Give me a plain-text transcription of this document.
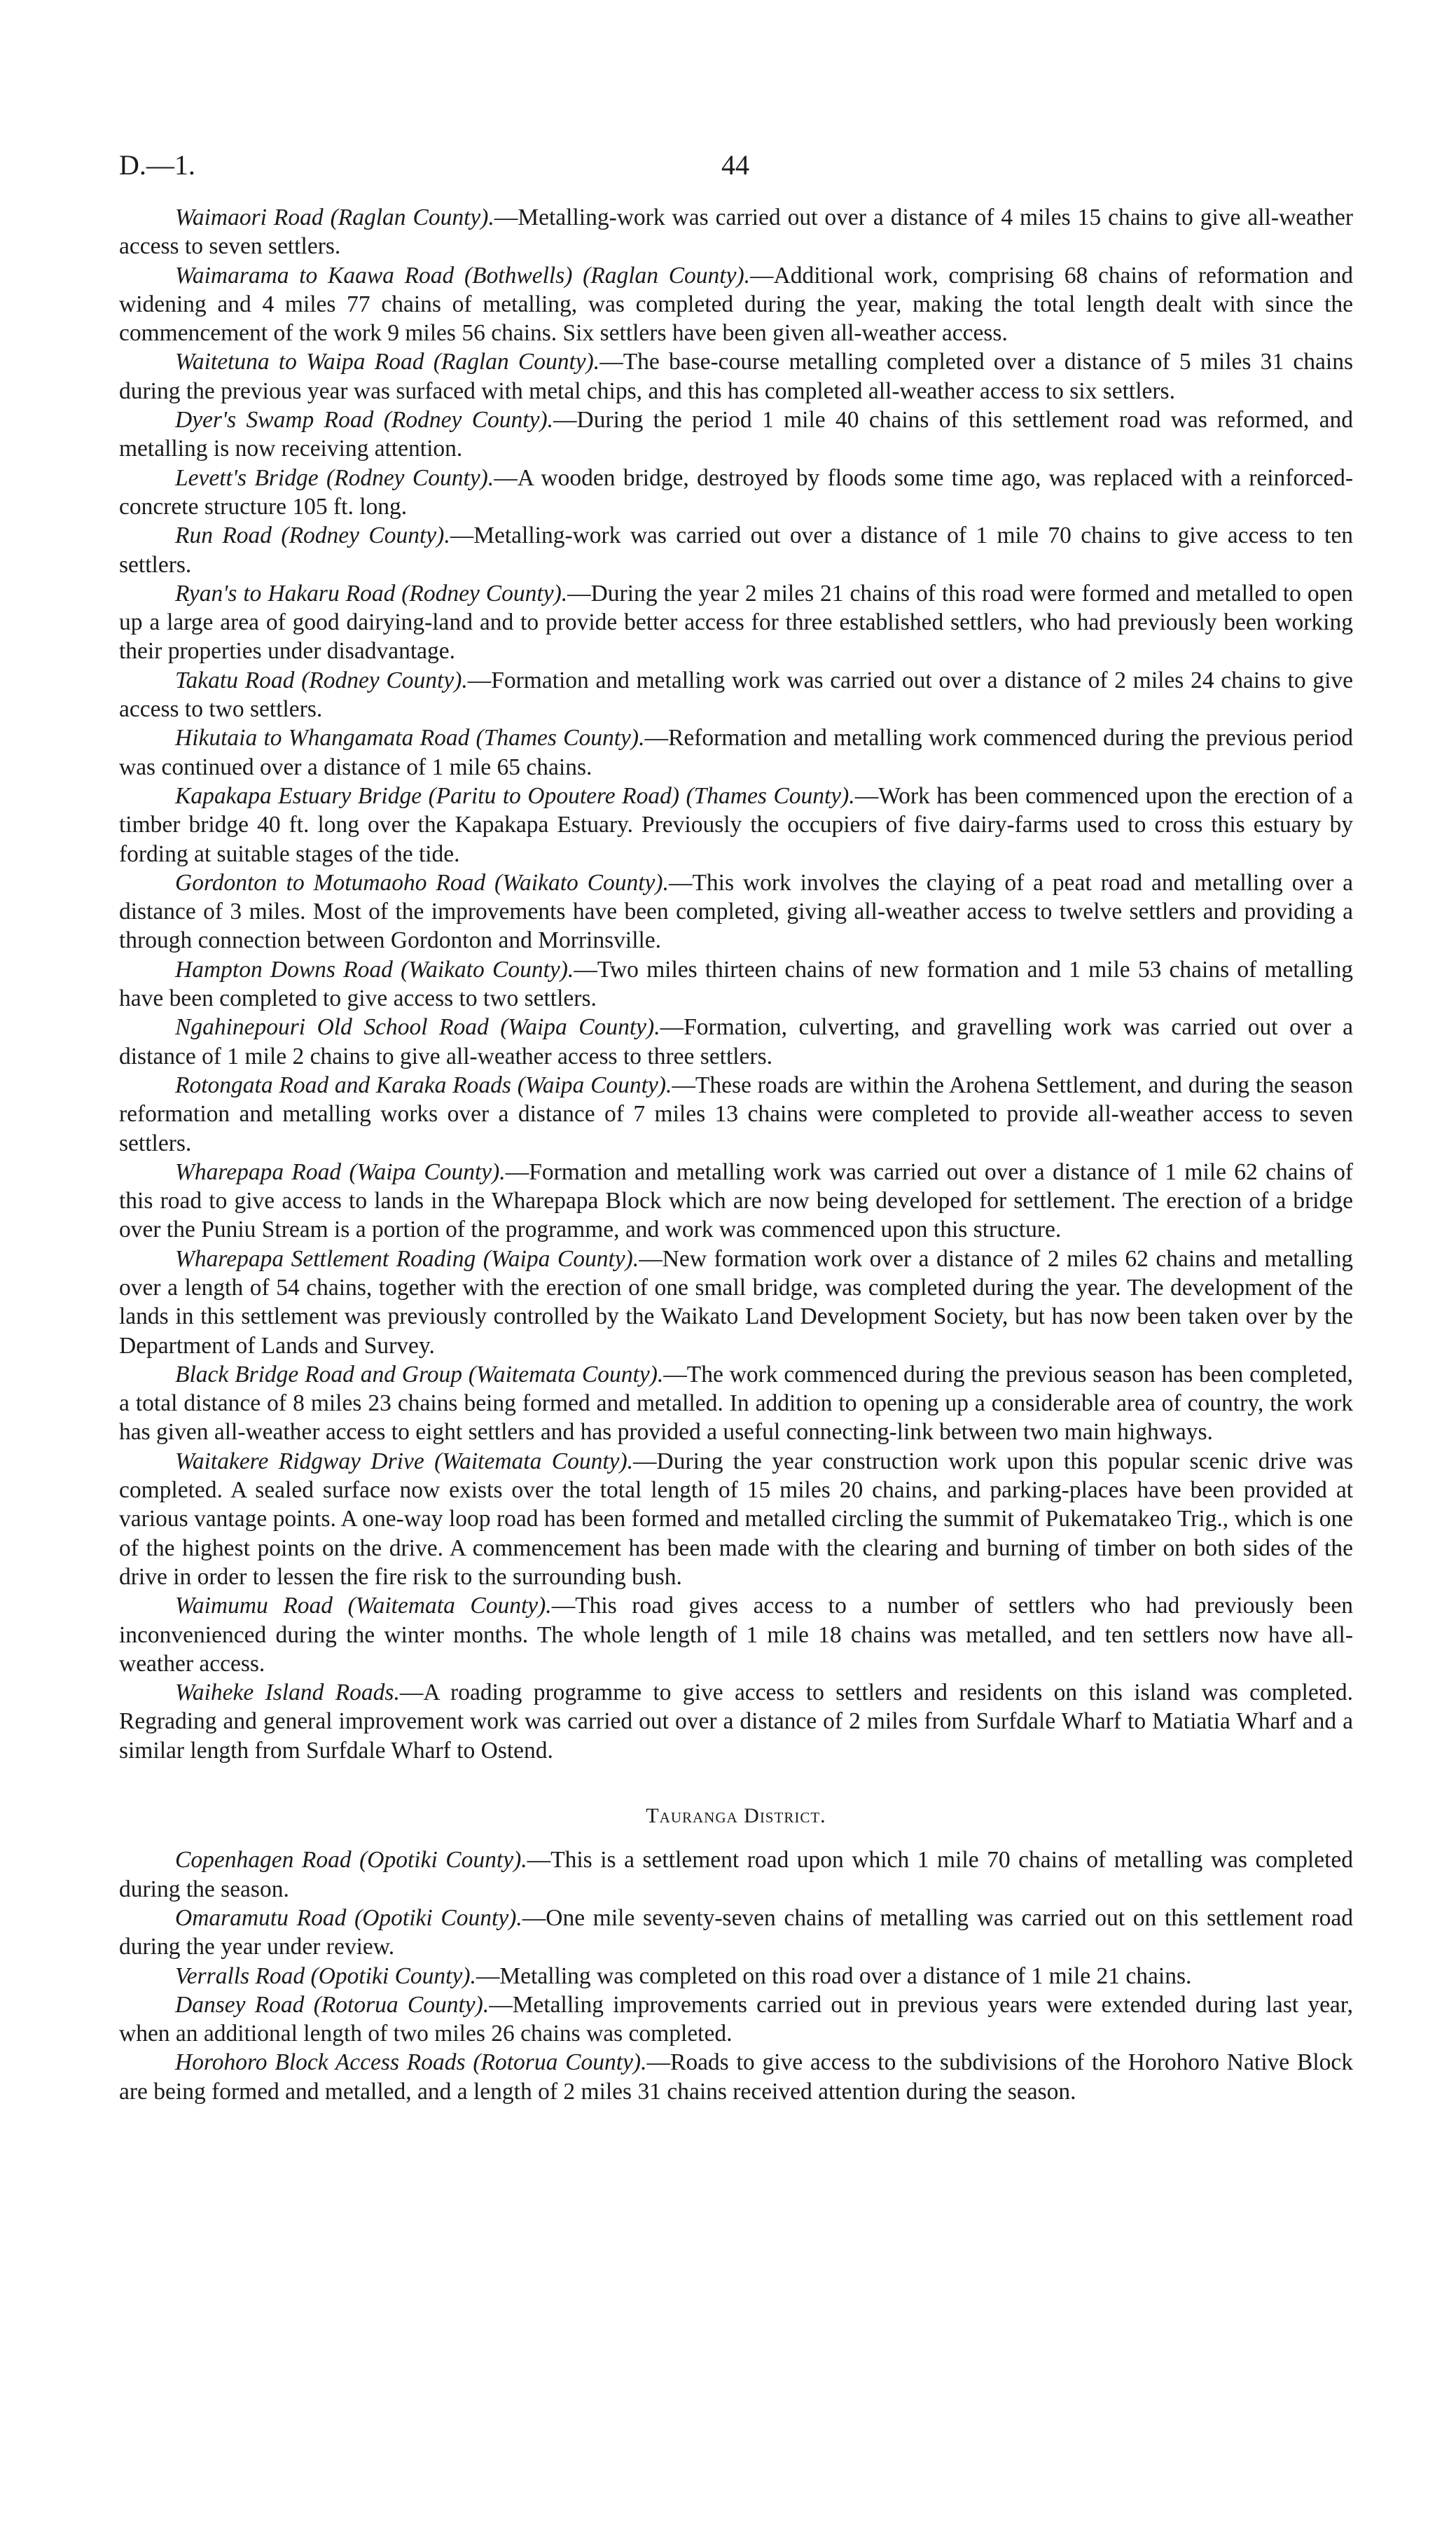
D.—1.	44

Waimaori Road (Raglan County).—Metalling-work was carried out over a distance of 4 miles 15 chains to give all-weather access to seven settlers.

Waimarama to Kaawa Road (Bothwells) (Raglan County).—Additional work, comprising 68 chains of reformation and widening and 4 miles 77 chains of metalling, was completed during the year, making the total length dealt with since the commencement of the work 9 miles 56 chains. Six settlers have been given all-weather access.

Waitetuna to Waipa Road (Raglan County).—The base-course metalling completed over a distance of 5 miles 31 chains during the previous year was surfaced with metal chips, and this has completed all-weather access to six settlers.

Dyer's Swamp Road (Rodney County).—During the period 1 mile 40 chains of this settlement road was reformed, and metalling is now receiving attention.

Levett's Bridge (Rodney County).—A wooden bridge, destroyed by floods some time ago, was replaced with a reinforced-concrete structure 105 ft. long.

Run Road (Rodney County).—Metalling-work was carried out over a distance of 1 mile 70 chains to give access to ten settlers.

Ryan's to Hakaru Road (Rodney County).—During the year 2 miles 21 chains of this road were formed and metalled to open up a large area of good dairying-land and to provide better access for three established settlers, who had previously been working their properties under disadvantage.

Takatu Road (Rodney County).—Formation and metalling work was carried out over a distance of 2 miles 24 chains to give access to two settlers.

Hikutaia to Whangamata Road (Thames County).—Reformation and metalling work commenced during the previous period was continued over a distance of 1 mile 65 chains.

Kapakapa Estuary Bridge (Paritu to Opoutere Road) (Thames County).—Work has been commenced upon the erection of a timber bridge 40 ft. long over the Kapakapa Estuary. Previously the occupiers of five dairy-farms used to cross this estuary by fording at suitable stages of the tide.

Gordonton to Motumaoho Road (Waikato County).—This work involves the claying of a peat road and metalling over a distance of 3 miles. Most of the improvements have been completed, giving all-weather access to twelve settlers and providing a through connection between Gordonton and Morrinsville.

Hampton Downs Road (Waikato County).—Two miles thirteen chains of new formation and 1 mile 53 chains of metalling have been completed to give access to two settlers.

Ngahinepouri Old School Road (Waipa County).—Formation, culverting, and gravelling work was carried out over a distance of 1 mile 2 chains to give all-weather access to three settlers.

Rotongata Road and Karaka Roads (Waipa County).—These roads are within the Arohena Settlement, and during the season reformation and metalling works over a distance of 7 miles 13 chains were completed to provide all-weather access to seven settlers.

Wharepapa Road (Waipa County).—Formation and metalling work was carried out over a distance of 1 mile 62 chains of this road to give access to lands in the Wharepapa Block which are now being developed for settlement. The erection of a bridge over the Puniu Stream is a portion of the programme, and work was commenced upon this structure.

Wharepapa Settlement Roading (Waipa County).—New formation work over a distance of 2 miles 62 chains and metalling over a length of 54 chains, together with the erection of one small bridge, was completed during the year. The development of the lands in this settlement was previously controlled by the Waikato Land Development Society, but has now been taken over by the Department of Lands and Survey.

Black Bridge Road and Group (Waitemata County).—The work commenced during the previous season has been completed, a total distance of 8 miles 23 chains being formed and metalled. In addition to opening up a considerable area of country, the work has given all-weather access to eight settlers and has provided a useful connecting-link between two main highways.

Waitakere Ridgway Drive (Waitemata County).—During the year construction work upon this popular scenic drive was completed. A sealed surface now exists over the total length of 15 miles 20 chains, and parking-places have been provided at various vantage points. A one-way loop road has been formed and metalled circling the summit of Pukematakeo Trig., which is one of the highest points on the drive. A commencement has been made with the clearing and burning of timber on both sides of the drive in order to lessen the fire risk to the surrounding bush.

Waimumu Road (Waitemata County).—This road gives access to a number of settlers who had previously been inconvenienced during the winter months. The whole length of 1 mile 18 chains was metalled, and ten settlers now have all-weather access.

Waiheke Island Roads.—A roading programme to give access to settlers and residents on this island was completed. Regrading and general improvement work was carried out over a distance of 2 miles from Surfdale Wharf to Matiatia Wharf and a similar length from Surfdale Wharf to Ostend.

Tauranga District.

Copenhagen Road (Opotiki County).—This is a settlement road upon which 1 mile 70 chains of metalling was completed during the season.

Omaramutu Road (Opotiki County).—One mile seventy-seven chains of metalling was carried out on this settlement road during the year under review.

Verralls Road (Opotiki County).—Metalling was completed on this road over a distance of 1 mile 21 chains.

Dansey Road (Rotorua County).—Metalling improvements carried out in previous years were extended during last year, when an additional length of two miles 26 chains was completed.

Horohoro Block Access Roads (Rotorua County).—Roads to give access to the subdivisions of the Horohoro Native Block are being formed and metalled, and a length of 2 miles 31 chains received attention during the season.
